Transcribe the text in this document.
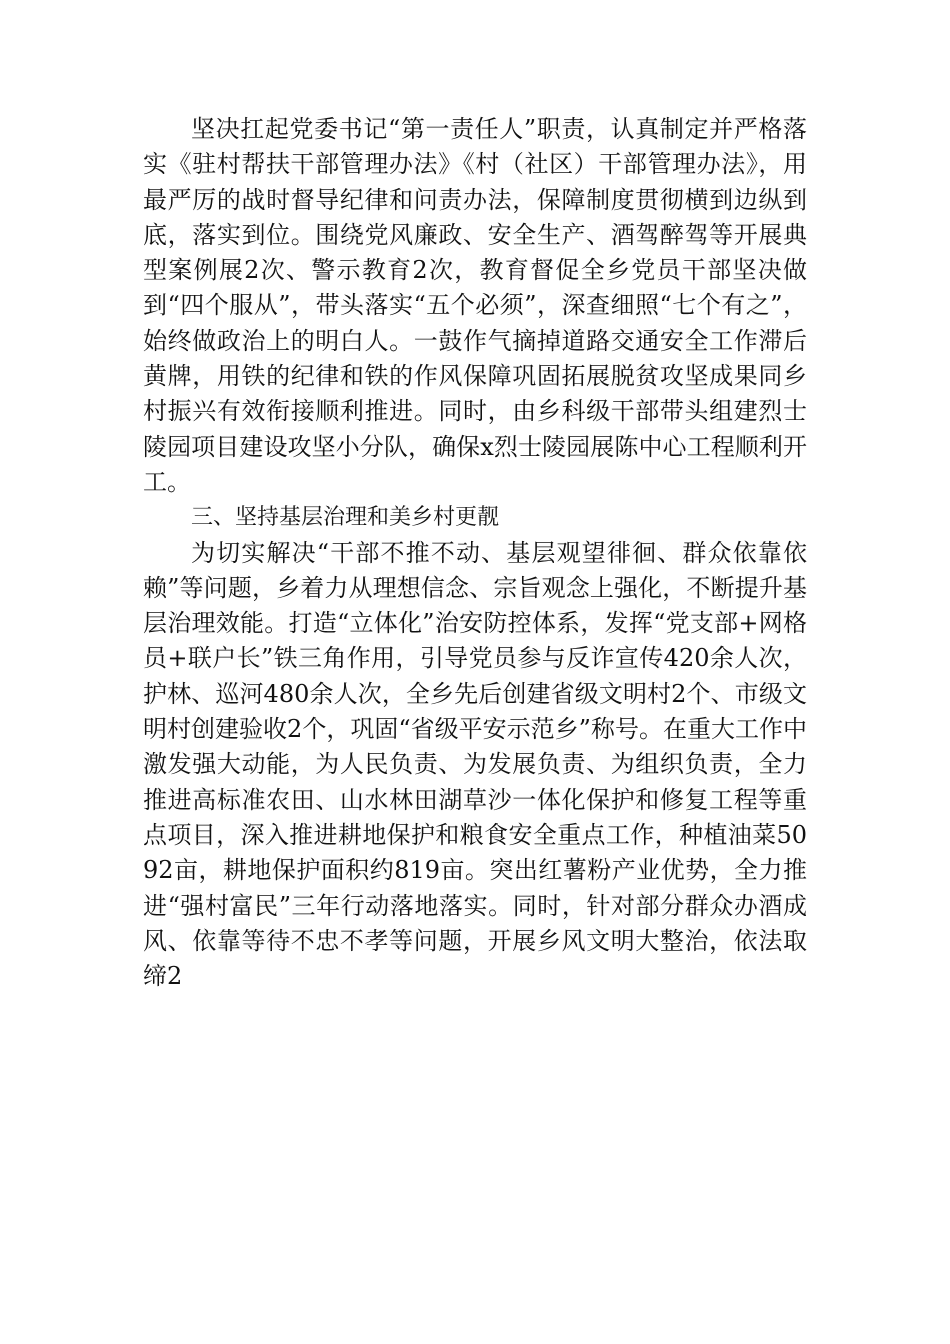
坚决扛起党委书记“第一责任人”职责，认真制定并严格落实《驻村帮扶干部管理办法》《村（社区）干部管理办法》，用最严厉的战时督导纪律和问责办法，保障制度贯彻横到边纵到底，落实到位。围绕党风廉政、安全生产、酒驾醉驾等开展典型案例展2次、警示教育2次，教育督促全乡党员干部坚决做到“四个服从”，带头落实“五个必须”，深查细照“七个有之”，始终做政治上的明白人。一鼓作气摘掉道路交通安全工作滞后黄牌，用铁的纪律和铁的作风保障巩固拓展脱贫攻坚成果同乡村振兴有效衔接顺利推进。同时，由乡科级干部带头组建烈士陵园项目建设攻坚小分队，确保x烈士陵园展陈中心工程顺利开工。

三、坚持基层治理和美乡村更靓

为切实解决“干部不推不动、基层观望徘徊、群众依靠依赖”等问题，乡着力从理想信念、宗旨观念上强化，不断提升基层治理效能。打造“立体化”治安防控体系，发挥“党支部+网格员+联户长”铁三角作用，引导党员参与反诈宣传420余人次，护林、巡河480余人次，全乡先后创建省级文明村2个、市级文明村创建验收2个，巩固“省级平安示范乡”称号。在重大工作中激发强大动能，为人民负责、为发展负责、为组织负责，全力推进高标准农田、山水林田湖草沙一体化保护和修复工程等重点项目，深入推进耕地保护和粮食安全重点工作，种植油菜5092亩，耕地保护面积约819亩。突出红薯粉产业优势，全力推进“强村富民”三年行动落地落实。同时，针对部分群众办酒成风、依靠等待不忠不孝等问题，开展乡风文明大整治，依法取缔2
